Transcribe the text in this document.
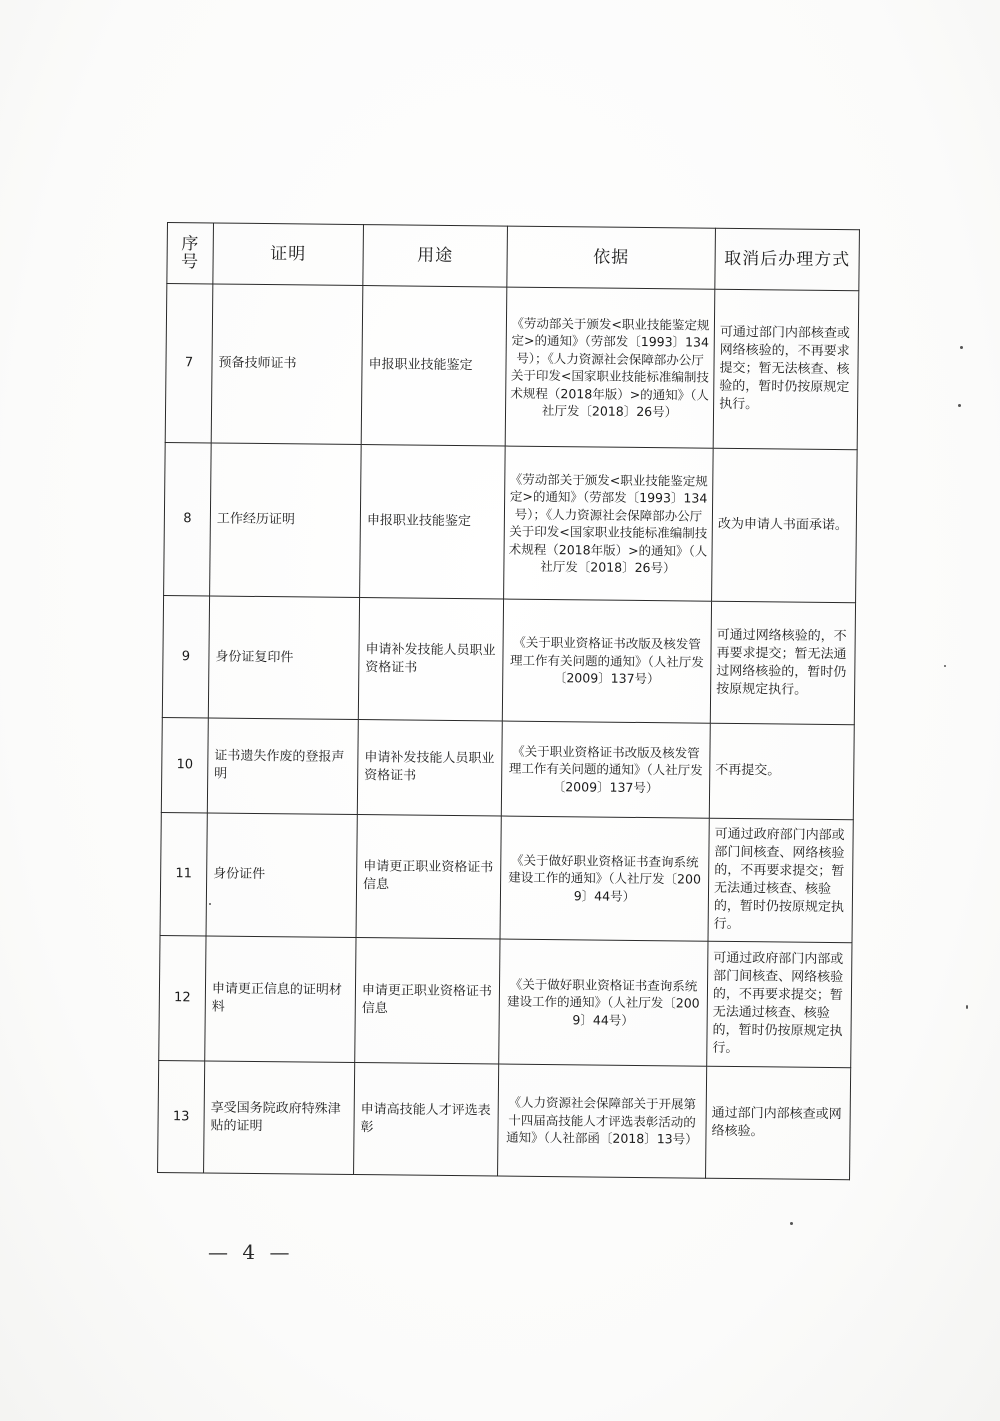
序号	证明	用途	依据	取消后办理方式
7	预备技师证书	申报职业技能鉴定	《劳动部关于颁发<职业技能鉴定规定>的通知》（劳部发〔1993〕134号）；《人力资源社会保障部办公厅关于印发<国家职业技能标准编制技术规程（2018年版）>的通知》（人社厅发〔2018〕26号）	可通过部门内部核查或网络核验的，不再要求提交；暂无法核查、核验的，暂时仍按原规定执行。
8	工作经历证明	申报职业技能鉴定	《劳动部关于颁发<职业技能鉴定规定>的通知》（劳部发〔1993〕134号）；《人力资源社会保障部办公厅关于印发<国家职业技能标准编制技术规程（2018年版）>的通知》（人社厅发〔2018〕26号）	改为申请人书面承诺。
9	身份证复印件	申请补发技能人员职业资格证书	《关于职业资格证书改版及核发管理工作有关问题的通知》（人社厅发〔2009〕137号）	可通过网络核验的，不再要求提交；暂无法通过网络核验的，暂时仍按原规定执行。
10	证书遗失作废的登报声明	申请补发技能人员职业资格证书	《关于职业资格证书改版及核发管理工作有关问题的通知》（人社厅发〔2009〕137号）	不再提交。
11	身份证件	申请更正职业资格证书信息	《关于做好职业资格证书查询系统建设工作的通知》（人社厅发〔2009〕44号）	可通过政府部门内部或部门间核查、网络核验的，不再要求提交；暂无法通过核查、核验的，暂时仍按原规定执行。
12	申请更正信息的证明材料	申请更正职业资格证书信息	《关于做好职业资格证书查询系统建设工作的通知》（人社厅发〔2009〕44号）	可通过政府部门内部或部门间核查、网络核验的，不再要求提交；暂无法通过核查、核验的，暂时仍按原规定执行。
13	享受国务院政府特殊津贴的证明	申请高技能人才评选表彰	《人力资源社会保障部关于开展第十四届高技能人才评选表彰活动的通知》（人社部函〔2018〕13号）	通过部门内部核查或网络核验。
— 4 —
